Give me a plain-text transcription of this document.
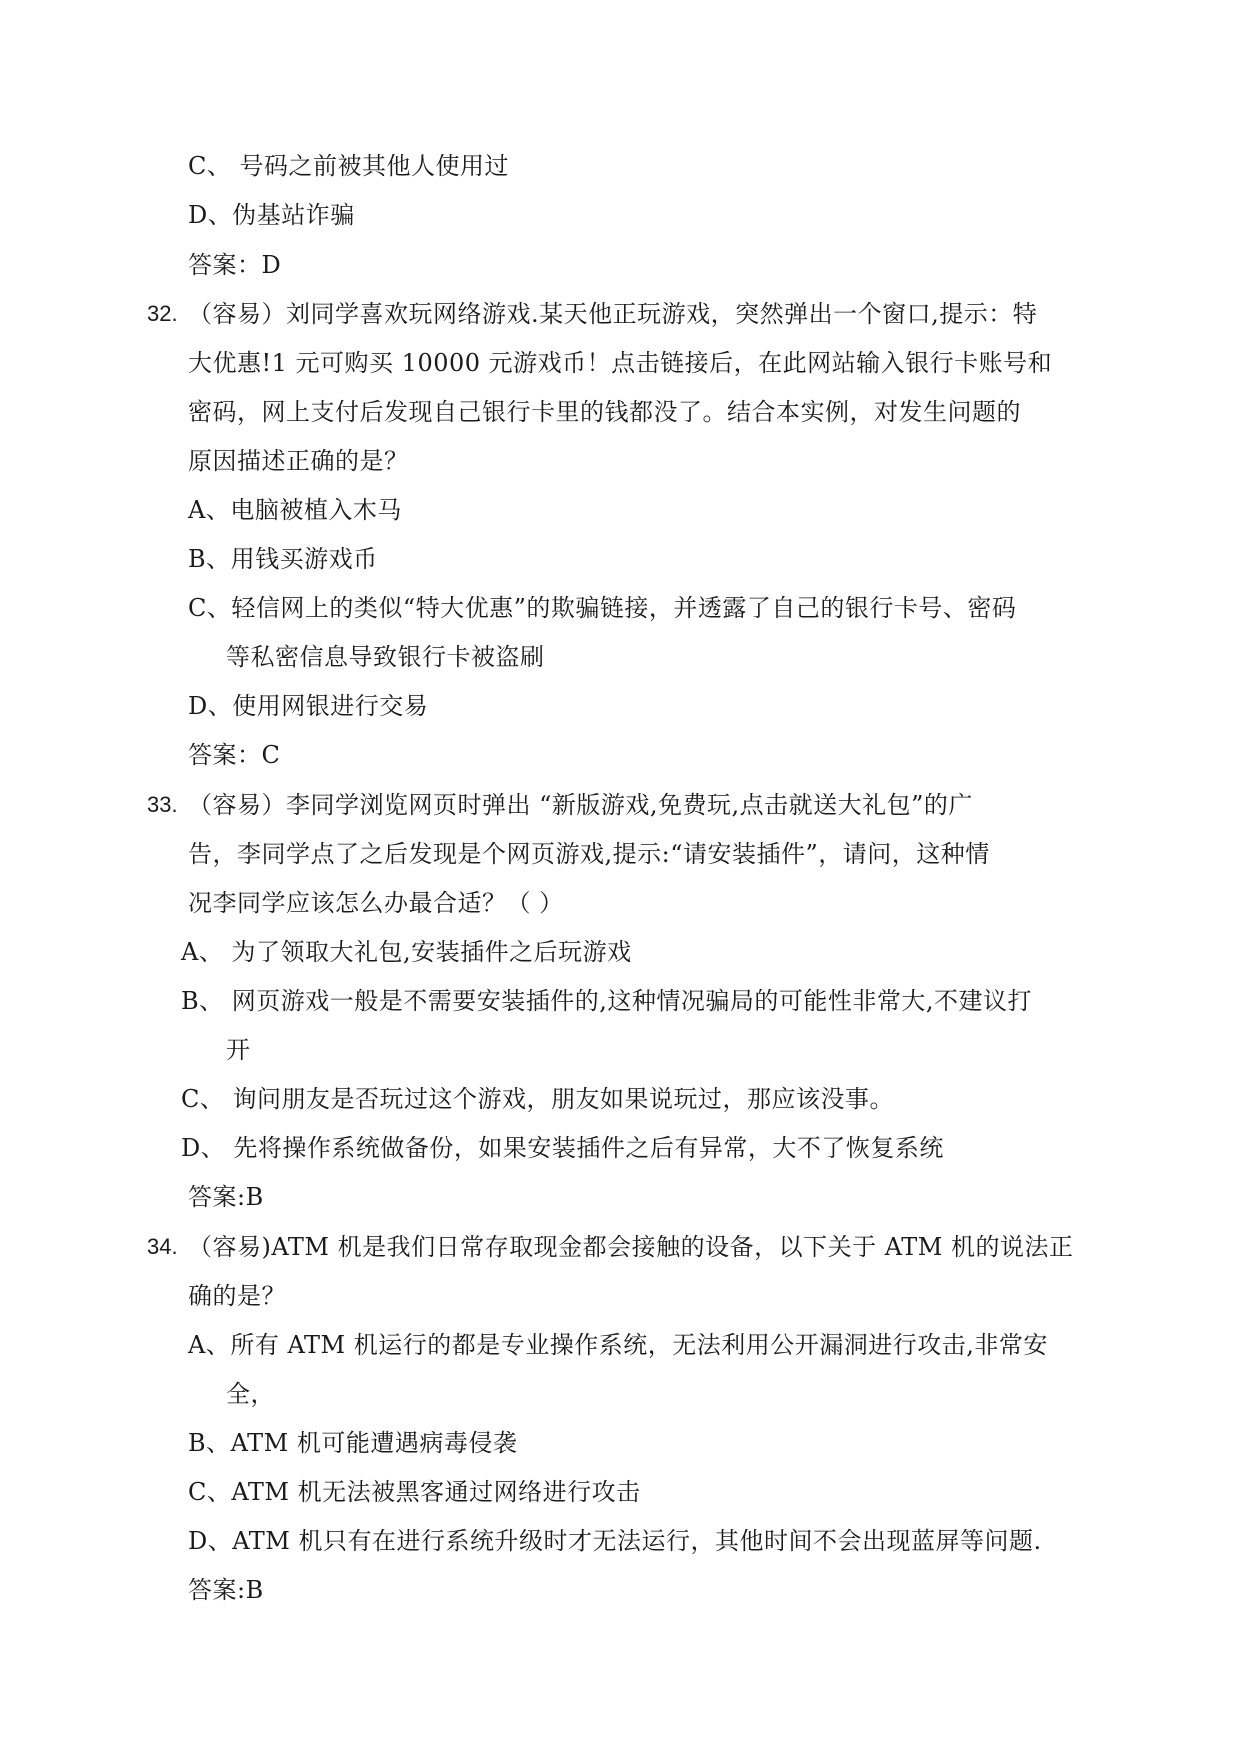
C、 号码之前被其他人使用过
D、伪基站诈骗
答案：D
32. （容易）刘同学喜欢玩网络游戏.某天他正玩游戏，突然弹出一个窗口,提示：特
大优惠!1 元可购买 10000 元游戏币！点击链接后，在此网站输入银行卡账号和
密码，网上支付后发现自己银行卡里的钱都没了。结合本实例，对发生问题的
原因描述正确的是？
A、电脑被植入木马
B、用钱买游戏币
C、轻信网上的类似“特大优惠”的欺骗链接，并透露了自己的银行卡号、密码
等私密信息导致银行卡被盗刷
D、使用网银进行交易
答案：C
33. （容易）李同学浏览网页时弹出 “新版游戏,免费玩,点击就送大礼包”的广
告，李同学点了之后发现是个网页游戏,提示:“请安装插件”，请问，这种情
况李同学应该怎么办最合适？（ ）
A、 为了领取大礼包,安装插件之后玩游戏
B、 网页游戏一般是不需要安装插件的,这种情况骗局的可能性非常大,不建议打
开
C、 询问朋友是否玩过这个游戏，朋友如果说玩过，那应该没事。
D、 先将操作系统做备份，如果安装插件之后有异常，大不了恢复系统
答案:B
34. （容易)ATM 机是我们日常存取现金都会接触的设备，以下关于 ATM 机的说法正
确的是？
A、所有 ATM 机运行的都是专业操作系统，无法利用公开漏洞进行攻击,非常安
全，
B、ATM 机可能遭遇病毒侵袭
C、ATM 机无法被黑客通过网络进行攻击
D、ATM 机只有在进行系统升级时才无法运行，其他时间不会出现蓝屏等问题.
答案:B
